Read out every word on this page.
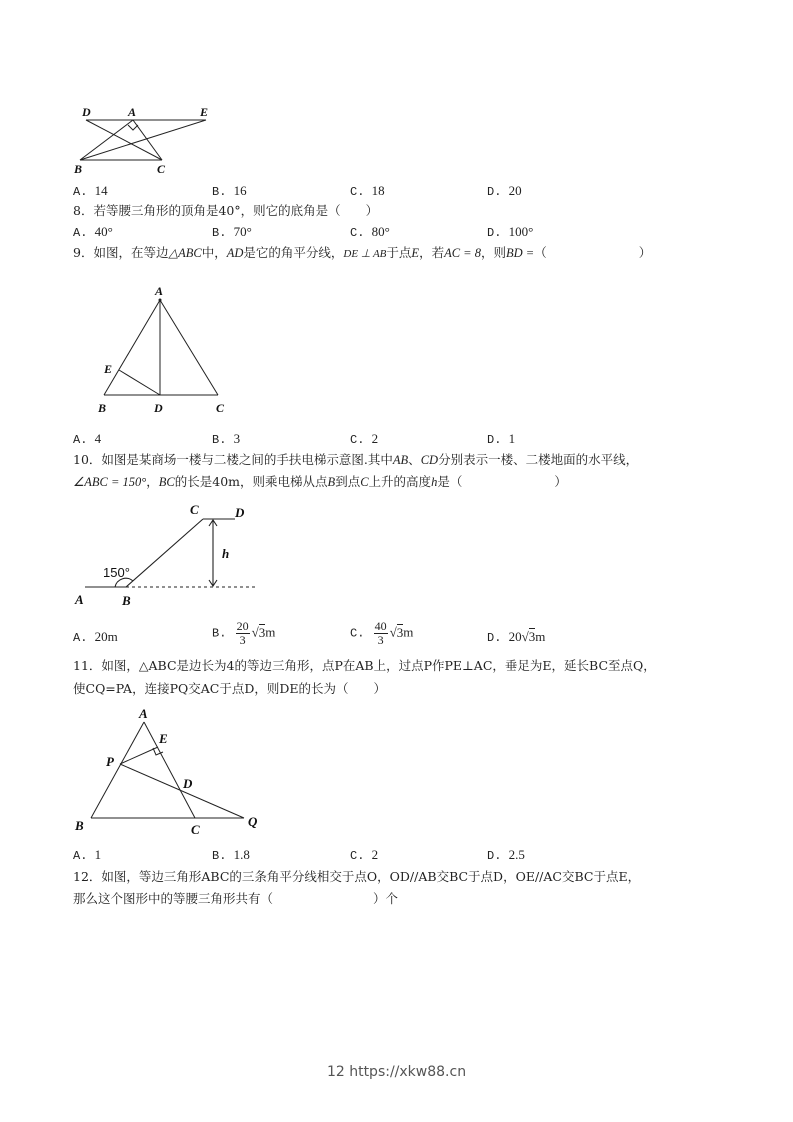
D	A	E
B	C
A. 14	B. 16	C. 18	D. 20
8．若等腰三角形的顶角是40°，则它的底角是（　　）
A. 40°	B. 70°	C. 80°	D. 100°
9．如图，在等边△ABC中，AD是它的角平分线，DE ⊥ AB于点E，若AC = 8，则BD =（	）
A
E
B	D	C
A. 4	B. 3	C. 2	D. 1
10．如图是某商场一楼与二楼之间的手扶电梯示意图.其中AB、CD分别表示一楼、二楼地面的水平线，
∠ABC = 150°，BC的长是40m，则乘电梯从点B到点C上升的高度h是（	）
C	D
h
A	B
150°
A. 20m	B. $\frac{20}{3} √3m$	C. $\frac{40}{3} √3m$	D. 20√3m
11．如图，△ABC是边长为4的等边三角形，点P在AB上，过点P作PE⊥AC，垂足为E，延长BC至点Q，
使CQ=PA，连接PQ交AC于点D，则DE的长为（　　）
A
E
P
D
B	C
Q
A. 1	B. 1.8	C. 2	D. 2.5
12．如图，等边三角形ABC的三条角平分线相交于点O，OD//AB交BC于点D，OE//AC交BC于点E，
那么这个图形中的等腰三角形共有（　　　　　　　　）个
12 https://xkw88.cn
